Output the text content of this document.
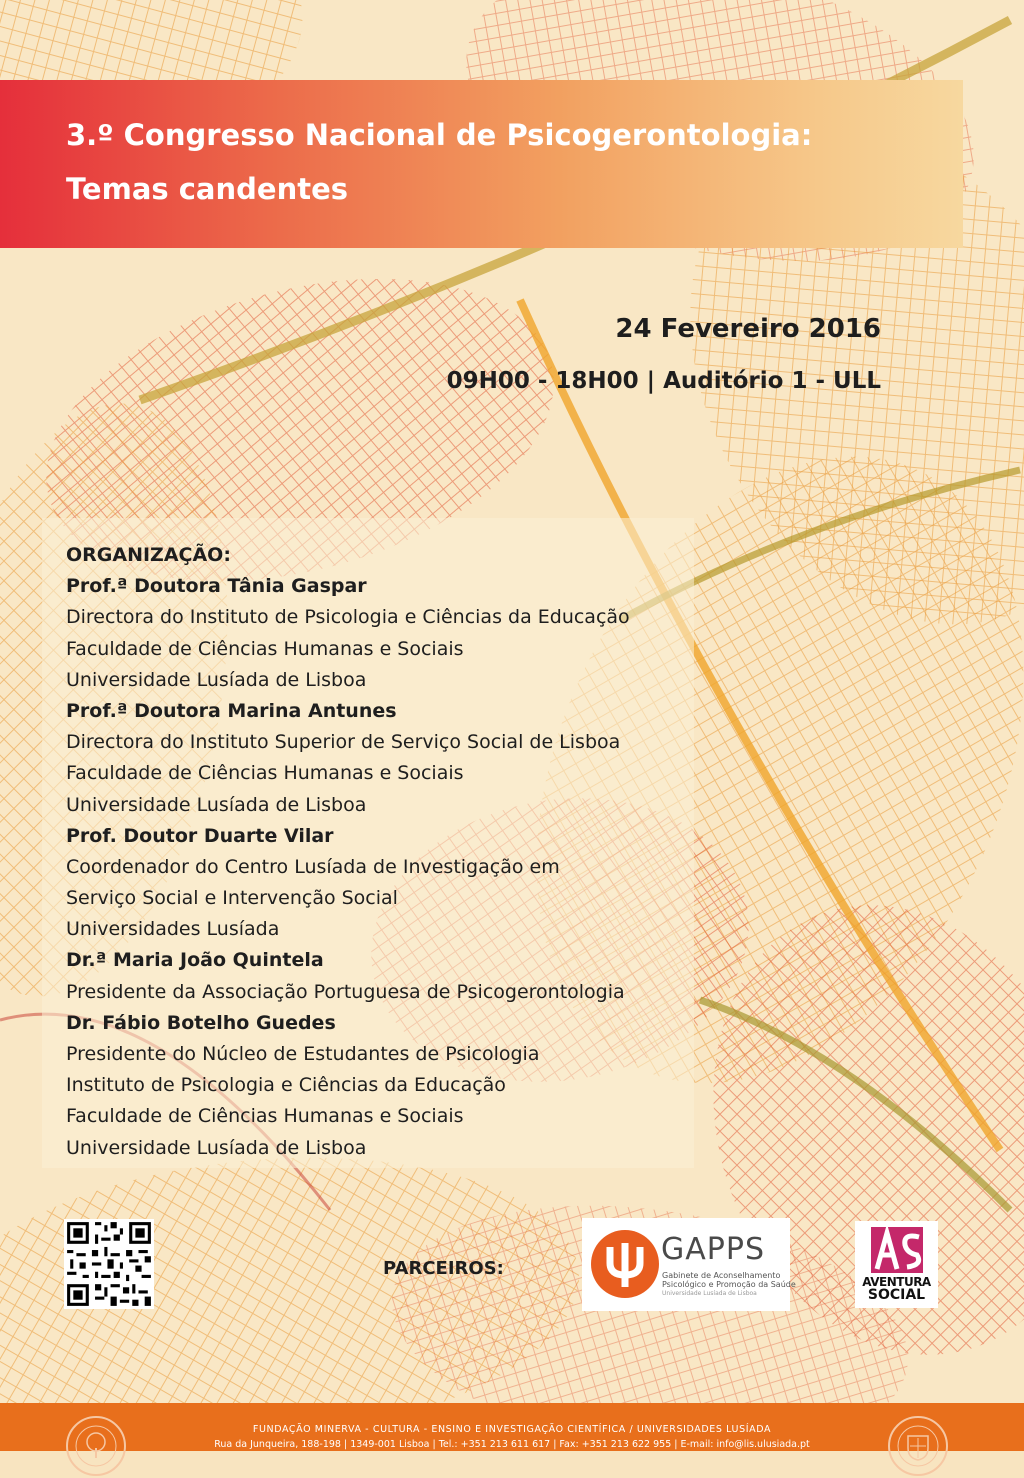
3.º Congresso Nacional de Psicogerontologia:
Temas candentes
24 Fevereiro 2016
09H00 - 18H00 | Auditório 1 - ULL
ORGANIZAÇÃO:
Prof.ª Doutora Tânia Gaspar
Directora do Instituto de Psicologia e Ciências da Educação
Faculdade de Ciências Humanas e Sociais
Universidade Lusíada de Lisboa
Prof.ª Doutora Marina Antunes
Directora do Instituto Superior de Serviço Social de Lisboa
Faculdade de Ciências Humanas e Sociais
Universidade Lusíada de Lisboa
Prof. Doutor Duarte Vilar
Coordenador do Centro Lusíada de Investigação em
Serviço Social e Intervenção Social
Universidades Lusíada
Dr.ª Maria João Quintela
Presidente da Associação Portuguesa de Psicogerontologia
Dr. Fábio Botelho Guedes
Presidente do Núcleo de Estudantes de Psicologia
Instituto de Psicologia e Ciências da Educação
Faculdade de Ciências Humanas e Sociais
Universidade Lusíada de Lisboa
PARCEIROS:
GAPPS
Gabinete de Aconselhamento
Psicológico e Promoção da Saúde
Universidade Lusíada de Lisboa
AVENTURA
SOCIAL
FUNDAÇÃO MINERVA - CULTURA - ENSINO E INVESTIGAÇÃO CIENTÍFICA / UNIVERSIDADES LUSÍADA
Rua da Junqueira, 188-198 | 1349-001 Lisboa | Tel.: +351 213 611 617 | Fax: +351 213 622 955 | E-mail: info@lis.ulusiada.pt
